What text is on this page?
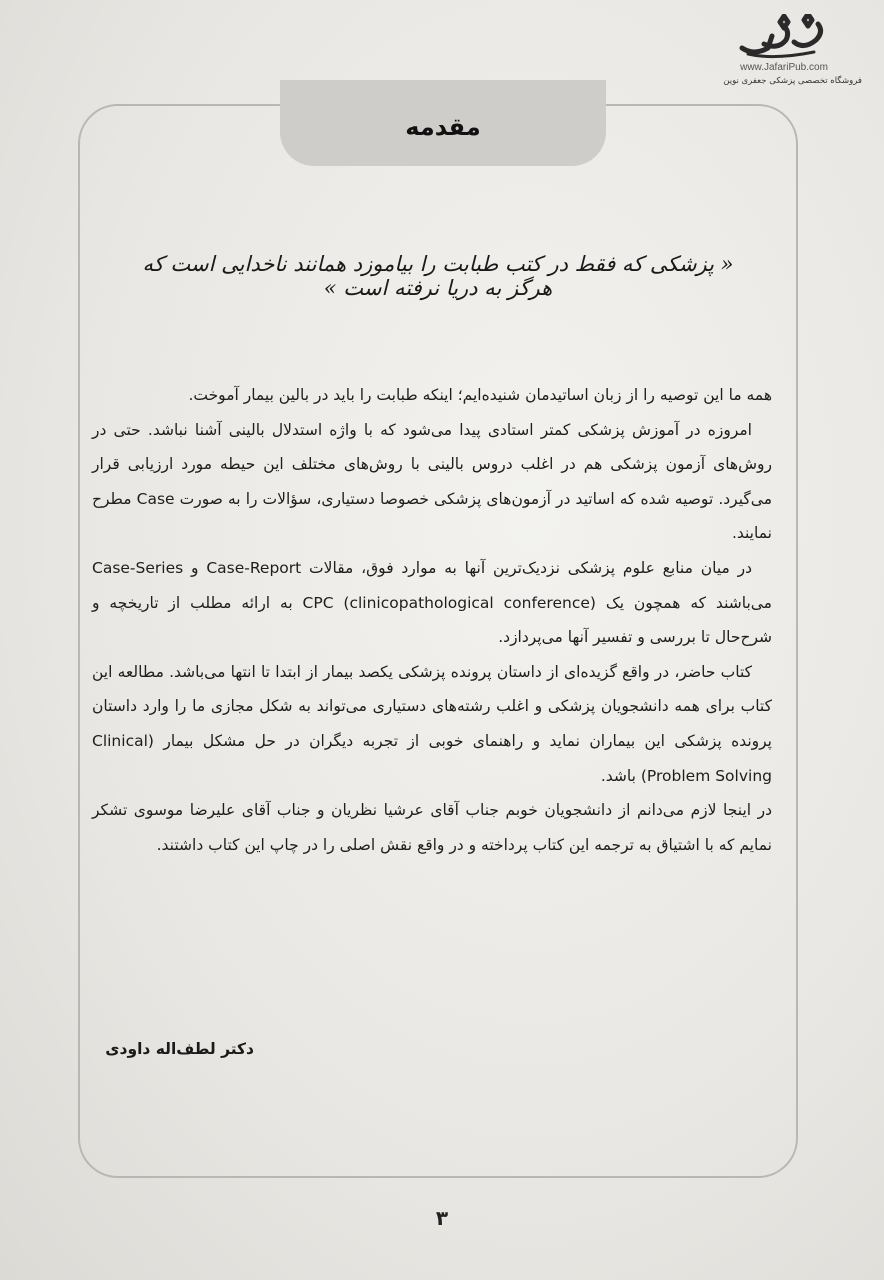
www.JafariPub.com
فروشگاه تخصصی پزشکی جعفری نوین
مقدمه
« پزشکی که فقط در کتب طبابت را بیاموزد همانند ناخدایی است که هرگز به دریا نرفته است »

همه ما این توصیه را از زبان اساتیدمان شنیده‌ایم؛ اینکه طبابت را باید در بالین بیمار آموخت.

امروزه در آموزش پزشکی کمتر استادی پیدا می‌شود که با واژه استدلال بالینی آشنا نباشد. حتی در روش‌های آزمون پزشکی هم در اغلب دروس بالینی با روش‌های مختلف این حیطه مورد ارزیابی قرار می‌گیرد. توصیه شده که اساتید در آزمون‌های پزشکی خصوصا دستیاری، سؤالات را به صورت Case مطرح نمایند.

در میان منابع علوم پزشکی نزدیک‌ترین آنها به موارد فوق، مقالات Case-Report و Case-Series می‌باشند که همچون یک CPC (clinicopathological conference) به ارائه مطلب از تاریخچه و شرح‌حال تا بررسی و تفسیر آنها می‌پردازد.

کتاب حاضر، در واقع گزیده‌ای از داستان پرونده پزشکی یکصد بیمار از ابتدا تا انتها می‌باشد. مطالعه این کتاب برای همه دانشجویان پزشکی و اغلب رشته‌های دستیاری می‌تواند به شکل مجازی ما را وارد داستان پرونده پزشکی این بیماران نماید و راهنمای خوبی از تجربه دیگران در حل مشکل بیمار (Clinical Problem Solving) باشد.

در اینجا لازم می‌دانم از دانشجویان خوبم جناب آقای عرشیا نظریان و جناب آقای علیرضا موسوی تشکر نمایم که با اشتیاق به ترجمه این کتاب پرداخته و در واقع نقش اصلی را در چاپ این کتاب داشتند.

دکتر لطف‌اله داودی
۳
